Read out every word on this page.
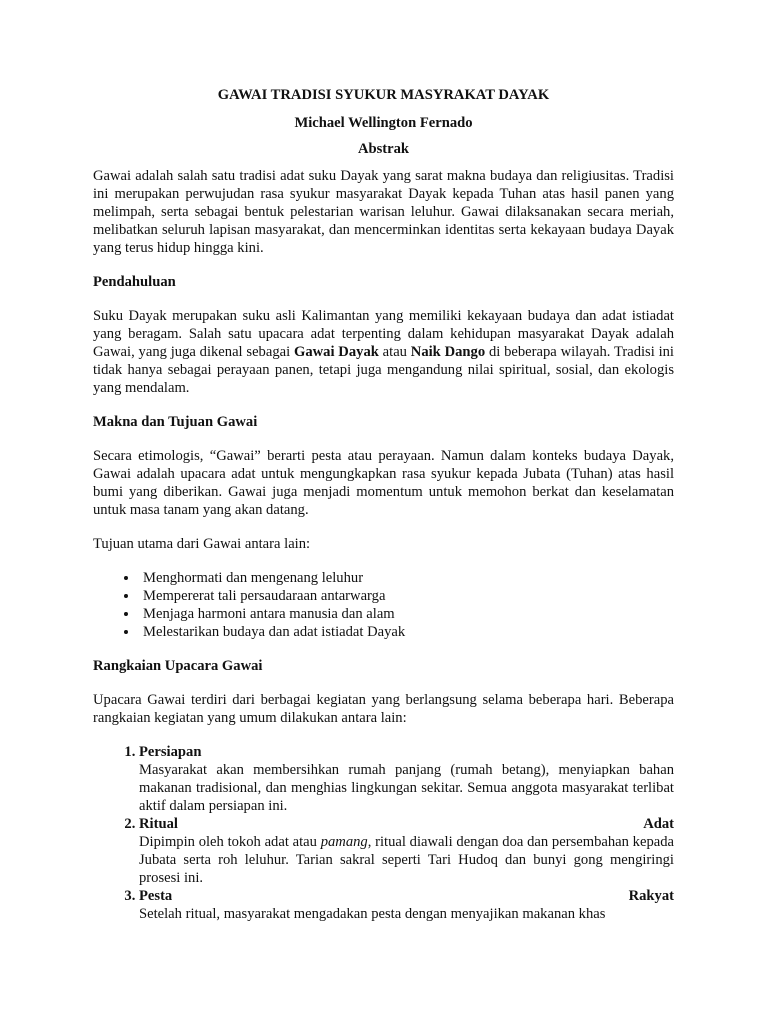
GAWAI TRADISI SYUKUR MASYRAKAT DAYAK
Michael Wellington Fernado
Abstrak

Gawai adalah salah satu tradisi adat suku Dayak yang sarat makna budaya dan religiusitas. Tradisi ini merupakan perwujudan rasa syukur masyarakat Dayak kepada Tuhan atas hasil panen yang melimpah, serta sebagai bentuk pelestarian warisan leluhur. Gawai dilaksanakan secara meriah, melibatkan seluruh lapisan masyarakat, dan mencerminkan identitas serta kekayaan budaya Dayak yang terus hidup hingga kini.

Pendahuluan

Suku Dayak merupakan suku asli Kalimantan yang memiliki kekayaan budaya dan adat istiadat yang beragam. Salah satu upacara adat terpenting dalam kehidupan masyarakat Dayak adalah Gawai, yang juga dikenal sebagai Gawai Dayak atau Naik Dango di beberapa wilayah. Tradisi ini tidak hanya sebagai perayaan panen, tetapi juga mengandung nilai spiritual, sosial, dan ekologis yang mendalam.

Makna dan Tujuan Gawai

Secara etimologis, “Gawai” berarti pesta atau perayaan. Namun dalam konteks budaya Dayak, Gawai adalah upacara adat untuk mengungkapkan rasa syukur kepada Jubata (Tuhan) atas hasil bumi yang diberikan. Gawai juga menjadi momentum untuk memohon berkat dan keselamatan untuk masa tanam yang akan datang.

Tujuan utama dari Gawai antara lain:

• Menghormati dan mengenang leluhur
• Mempererat tali persaudaraan antarwarga
• Menjaga harmoni antara manusia dan alam
• Melestarikan budaya dan adat istiadat Dayak
Rangkaian Upacara Gawai

Upacara Gawai terdiri dari berbagai kegiatan yang berlangsung selama beberapa hari. Beberapa rangkaian kegiatan yang umum dilakukan antara lain:

1. Persiapan
Masyarakat akan membersihkan rumah panjang (rumah betang), menyiapkan bahan makanan tradisional, dan menghias lingkungan sekitar. Semua anggota masyarakat terlibat aktif dalam persiapan ini.
2. Ritual	Adat
Dipimpin oleh tokoh adat atau pamang, ritual diawali dengan doa dan persembahan kepada Jubata serta roh leluhur. Tarian sakral seperti Tari Hudoq dan bunyi gong mengiringi prosesi ini.
3. Pesta	Rakyat
Setelah ritual, masyarakat mengadakan pesta dengan menyajikan makanan khas
